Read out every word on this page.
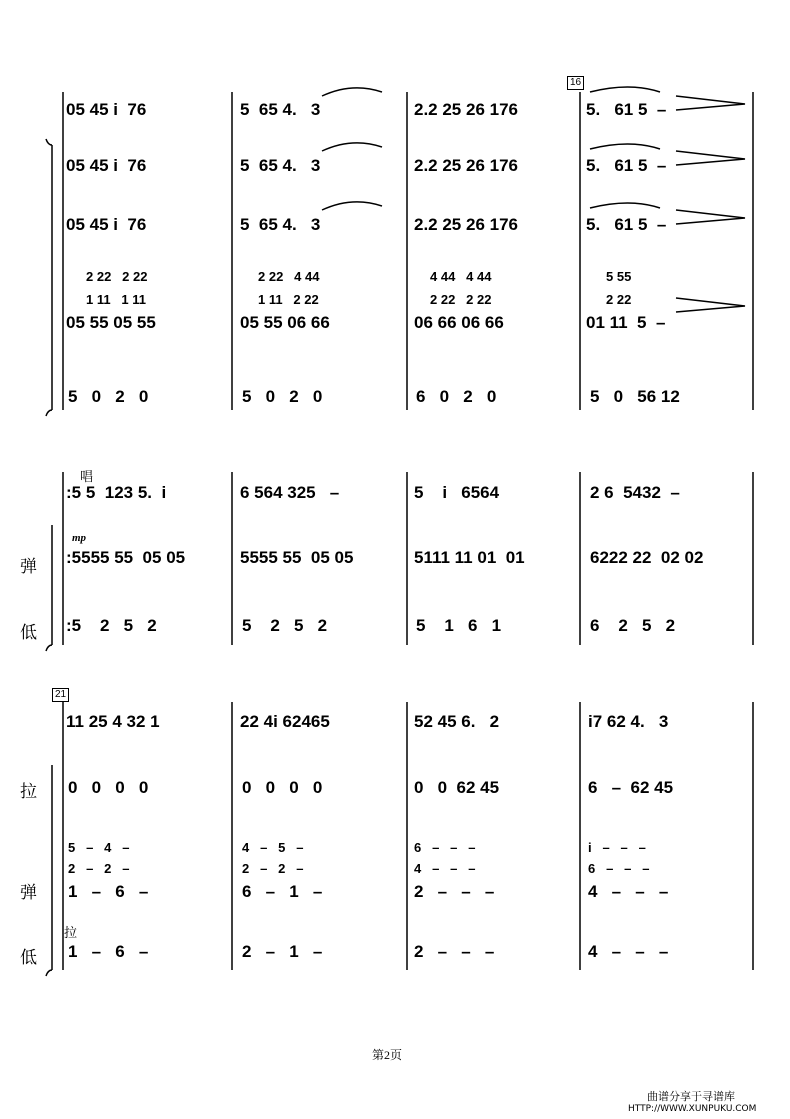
16
21
05 45 i  76	5  65 4.   3	2.2 25 26 176	5.   61 5  –
05 45 i  76	5  65 4.   3	2.2 25 26 176	5.   61 5  –
05 45 i  76	5  65 4.   3	2.2 25 26 176	5.   61 5  –
2 22   2 22	2 22   4 44	4 44   4 44	5 55
1 11   1 11	1 11   2 22	2 22   2 22	2 22
05 55 05 55	05 55 06 66	06 66 06 66	01 11  5  –
5   0   2   0	5   0   2   0	6   0   2   0	5   0   56 12
唱
:5 5  123 5.  i	6 564 325   –	5    i   6564	2 6  5432  –
弹
mp
:5555 55  05 05	5555 55  05 05	5111 11 01  01	6222 22  02 02
低 :5    2   5   2	5    2   5   2	5    1   6   1	6    2   5   2
11 25 4 32 1	22 4i 62465	52 45 6.   2	i7 62 4.   3
拉 0   0   0   0	0   0   0   0	0   0  62 45	6   –  62 45
5   –   4   –	4   –   5   –	6   –   –   –	i   –   –   –
2   –   2   –	2   –   2   –	4   –   –   –	6   –   –   –
弹 1   –   6   –	6   –   1   –	2   –   –   –	4   –   –   –
拉
低 1   –   6   –	2   –   1   –	2   –   –   –	4   –   –   –
第2页
曲谱分享于寻谱库
HTTP://WWW.XUNPUKU.COM
